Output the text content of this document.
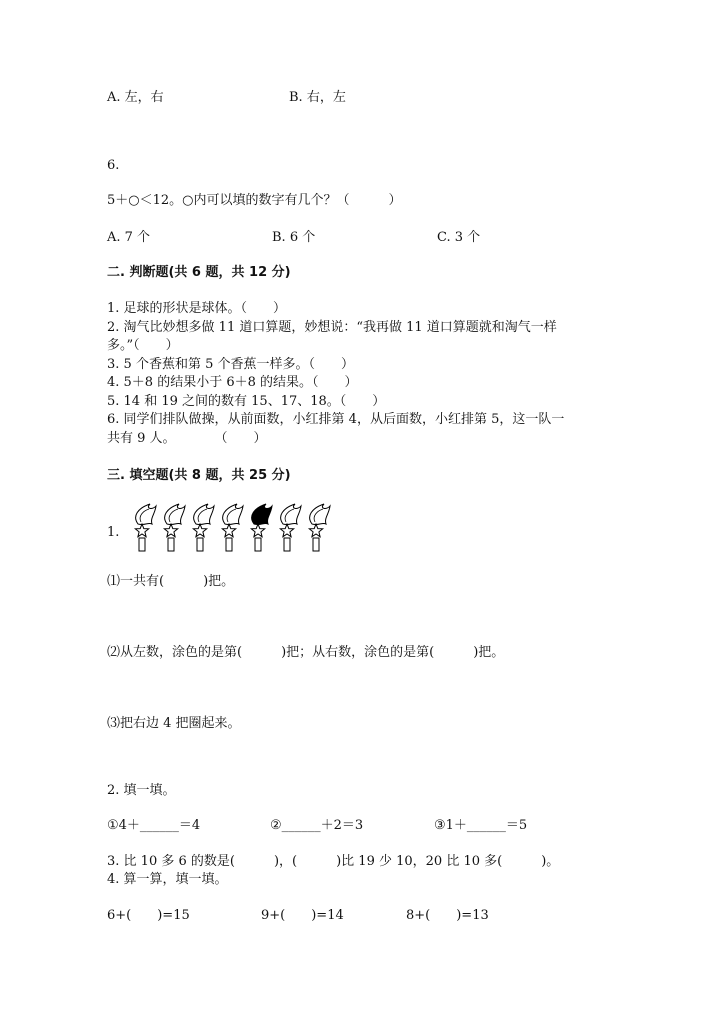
A. 左，右	B. 右，左
6.
5＋○＜12。○内可以填的数字有几个？（　　　）
A. 7 个	B. 6 个	C. 3 个
二. 判断题(共 6 题，共 12 分)
1. 足球的形状是球体。（　　）
2. 淘气比妙想多做 11 道口算题，妙想说：“我再做 11 道口算题就和淘气一样
多。”（　　）
3. 5 个香蕉和第 5 个香蕉一样多。（　　）
4. 5＋8 的结果小于 6＋8 的结果。（　　）
5. 14 和 19 之间的数有 15、17、18。（　　）
6. 同学们排队做操，从前面数，小红排第 4，从后面数，小红排第 5，这一队一
共有 9 人。　　　　（　　）
三. 填空题(共 8 题，共 25 分)
1.
⑴一共有(　　　)把。
⑵从左数，涂色的是第(　　　)把；从右数，涂色的是第(　　　)把。
⑶把右边 4 把圈起来。
2. 填一填。
①4＋______＝4	②______＋2＝3	③1＋______＝5
3. 比 10 多 6 的数是(　　　)，(　　　)比 19 少 10，20 比 10 多(　　　)。
4. 算一算，填一填。
6+(　　)=15	9+(　　)=14	8+(　　)=13
